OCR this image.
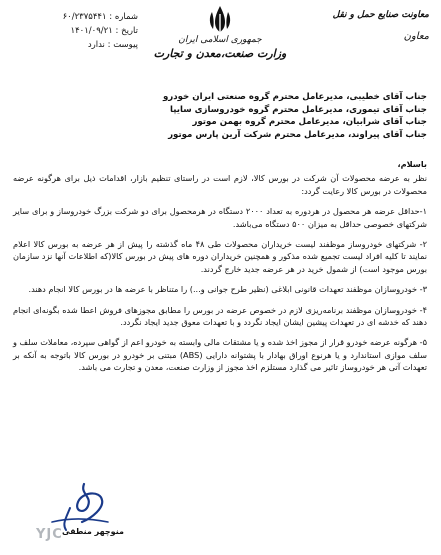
معاونت صنایع حمل و نقل
معاون
جمهوری اسلامی ایران
وزارت صنعت،معدن و تجارت
شماره : ۶۰/۲۳۷۵۴۴۱
تاریخ : ۱۴۰۱/۰۹/۲۱
پیوست : ندارد
جناب آقای خطیبی، مدیرعامل محترم گروه صنعتی ایران خودرو
جناب آقای تیموری، مدیرعامل محترم گروه خودروسازی سایپا
جناب آقای شرابیان، مدیرعامل محترم گروه بهمن موتور
جناب آقای پیراوند، مدیرعامل محترم شرکت آرین پارس موتور
باسلام،

نظر به عرضه محصولات آن شرکت در بورس کالا، لازم است در راستای تنظیم بازار، اقدامات ذیل برای هرگونه عرضه محصولات در بورس کالا رعایت گردد:

۱-حداقل عرضه هر محصول در هردوره به تعداد ۲۰۰۰ دستگاه در هرمحصول برای دو شرکت بزرگ خودروساز و برای سایر شرکتهای خصوصی حداقل به میزان ۵۰۰ دستگاه می‌باشد.

۲- شرکتهای خودروساز موظفند لیست خریداران محصولات طی ۴۸ ماه گذشته را پیش از هر عرضه به بورس کالا اعلام نمایند تا کلیه افراد لیست تجمیع شده مذکور و همچنین خریداران دوره های پیش در بورس کالا(که اطلاعات آنها نزد سازمان بورس موجود است) از شمول خرید در هر عرضه جدید خارج گردند.

۳- خودروسازان موظفند تعهدات قانونی ابلاغی (نظیر طرح جوانی و...) را متناظر با عرضه ها در بورس کالا انجام دهند.

۴- خودروسازان موظفند برنامه‌ریزی لازم در خصوص عرضه در بورس را مطابق مجوزهای فروش اعطا شده بگونه‌ای انجام دهند که خدشه ای در تعهدات پیشین ایشان ایجاد نگردد و با تعهدات معوق جدید ایجاد نگردد.

۵- هرگونه عرضه خودرو قرار از مجوز اخذ شده و یا مشتقات مالی وابسته به خودرو اعم از گواهی سپرده، معاملات سلف و سلف موازی استاندارد و یا هرنوع اوراق بهادار با پشتوانه دارایی (ABS) مبتنی بر خودرو در بورس کالا باتوجه به آنکه بر تعهدات آتی هر خودروساز تاثیر می گذارد مستلزم اخذ مجوز از وزارت صنعت، معدن و تجارت می باشد.

منوچهر منطقی
YJC
